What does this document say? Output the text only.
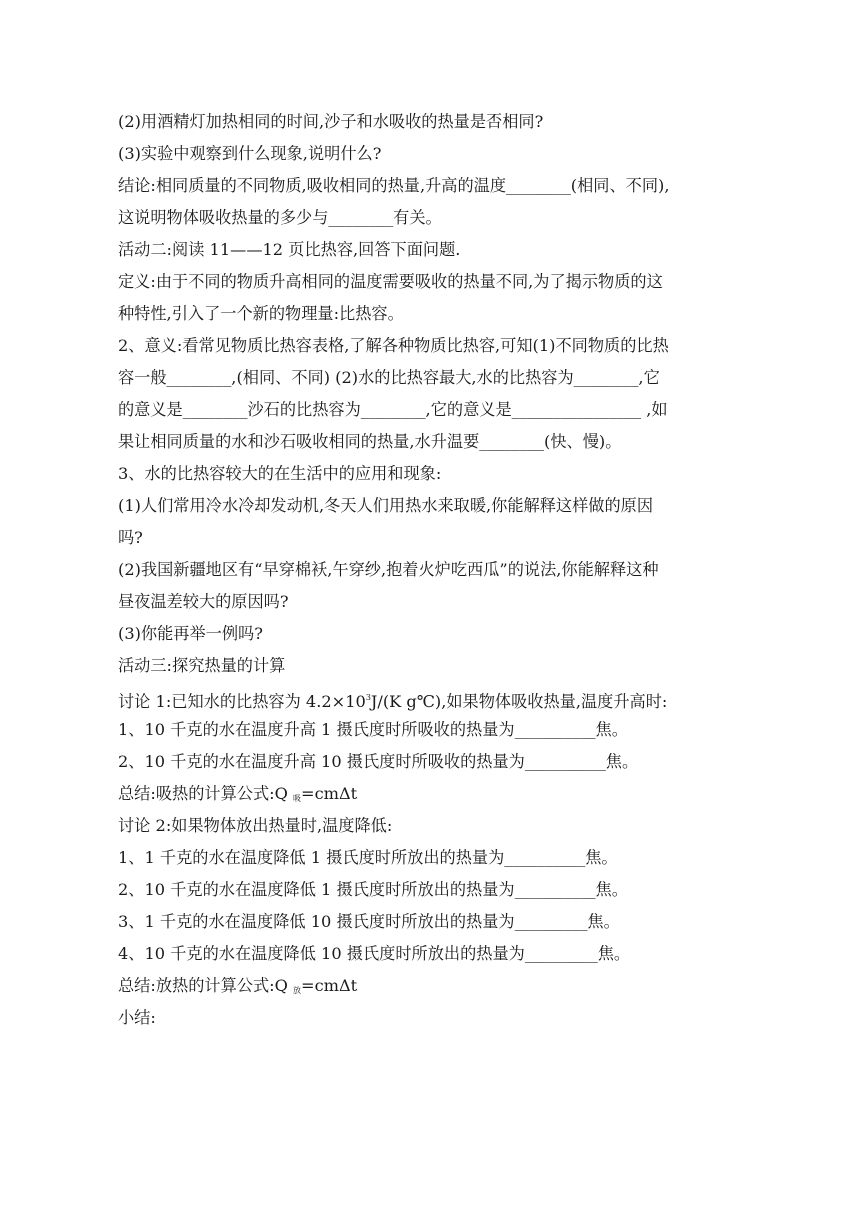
(2)用酒精灯加热相同的时间,沙子和水吸收的热量是否相同?
(3)实验中观察到什么现象,说明什么?
结论:相同质量的不同物质,吸收相同的热量,升高的温度________(相同、不同),
这说明物体吸收热量的多少与________有关。
活动二:阅读 11——12 页比热容,回答下面问题.
定义:由于不同的物质升高相同的温度需要吸收的热量不同,为了揭示物质的这
种特性,引入了一个新的物理量:比热容。
2、意义:看常见物质比热容表格,了解各种物质比热容,可知(1)不同物质的比热
容一般________,(相同、不同) (2)水的比热容最大,水的比热容为________,它
的意义是________沙石的比热容为________,它的意义是________________ ,如
果让相同质量的水和沙石吸收相同的热量,水升温要________(快、慢)。
3、水的比热容较大的在生活中的应用和现象:
(1)人们常用冷水冷却发动机,冬天人们用热水来取暖,你能解释这样做的原因
吗?
(2)我国新疆地区有“早穿棉袄,午穿纱,抱着火炉吃西瓜”的说法,你能解释这种
昼夜温差较大的原因吗?
(3)你能再举一例吗?
活动三:探究热量的计算
讨论 1:已知水的比热容为 $4.2\times 10^3J/(K$ g℃),如果物体吸收热量,温度升高时:
1、10 千克的水在温度升高 1 摄氏度时所吸收的热量为__________焦。
2、10 千克的水在温度升高 10 摄氏度时所吸收的热量为__________焦。
总结:吸热的计算公式:Q $_吸$=cmΔt
讨论 2:如果物体放出热量时,温度降低:
1、1 千克的水在温度降低 1 摄氏度时所放出的热量为__________焦。
2、10 千克的水在温度降低 1 摄氏度时所放出的热量为__________焦。
3、1 千克的水在温度降低 10 摄氏度时所放出的热量为_________焦。
4、10 千克的水在温度降低 10 摄氏度时所放出的热量为_________焦。
总结:放热的计算公式:Q $_放$=cmΔt
小结:
